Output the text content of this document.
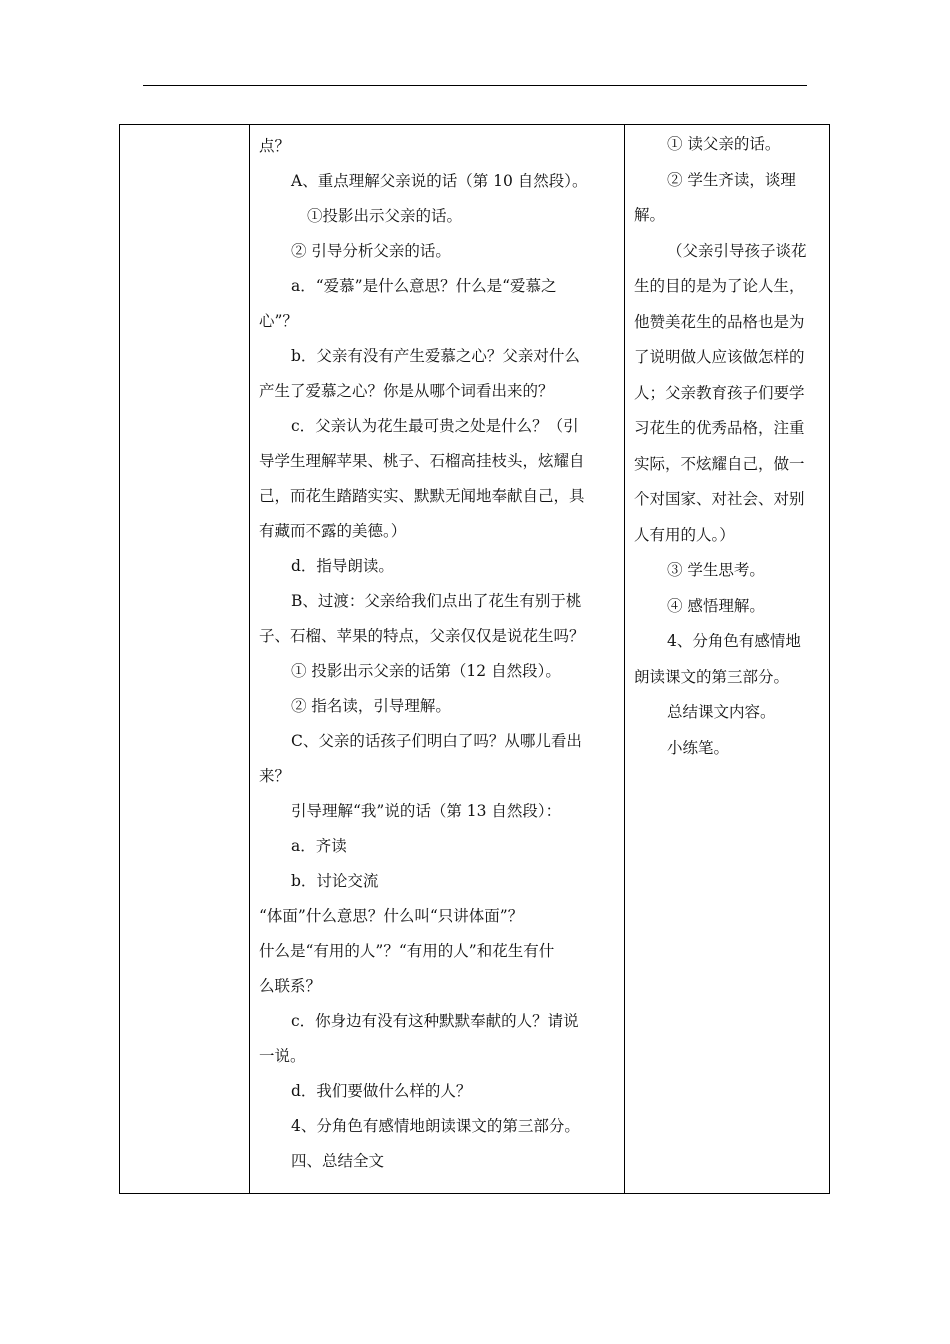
点？

A、重点理解父亲说的话（第 10 自然段）。

①投影出示父亲的话。

② 引导分析父亲的话。

a．“爱慕”是什么意思？什么是“爱慕之

心”？

b．父亲有没有产生爱慕之心？父亲对什么

产生了爱慕之心？你是从哪个词看出来的？

c．父亲认为花生最可贵之处是什么？（引

导学生理解苹果、桃子、石榴高挂枝头，炫耀自

己，而花生踏踏实实、默默无闻地奉献自己，具

有藏而不露的美德。）

d．指导朗读。

B、过渡：父亲给我们点出了花生有别于桃

子、石榴、苹果的特点，父亲仅仅是说花生吗？

① 投影出示父亲的话第（12 自然段）。

② 指名读，引导理解。

C、父亲的话孩子们明白了吗？从哪儿看出

来？

引导理解“我”说的话（第 13 自然段）：

a．齐读

b．讨论交流

“体面”什么意思？什么叫“只讲体面”？

什么是“有用的人”？“有用的人”和花生有什

么联系？

c．你身边有没有这种默默奉献的人？请说

一说。

d．我们要做什么样的人？

4、分角色有感情地朗读课文的第三部分。

四、总结全文

① 读父亲的话。

② 学生齐读，谈理

解。

（父亲引导孩子谈花

生的目的是为了论人生，

他赞美花生的品格也是为

了说明做人应该做怎样的

人；父亲教育孩子们要学

习花生的优秀品格，注重

实际，不炫耀自己，做一

个对国家、对社会、对别

人有用的人。）

③ 学生思考。

④ 感悟理解。

4、分角色有感情地

朗读课文的第三部分。

总结课文内容。

小练笔。
